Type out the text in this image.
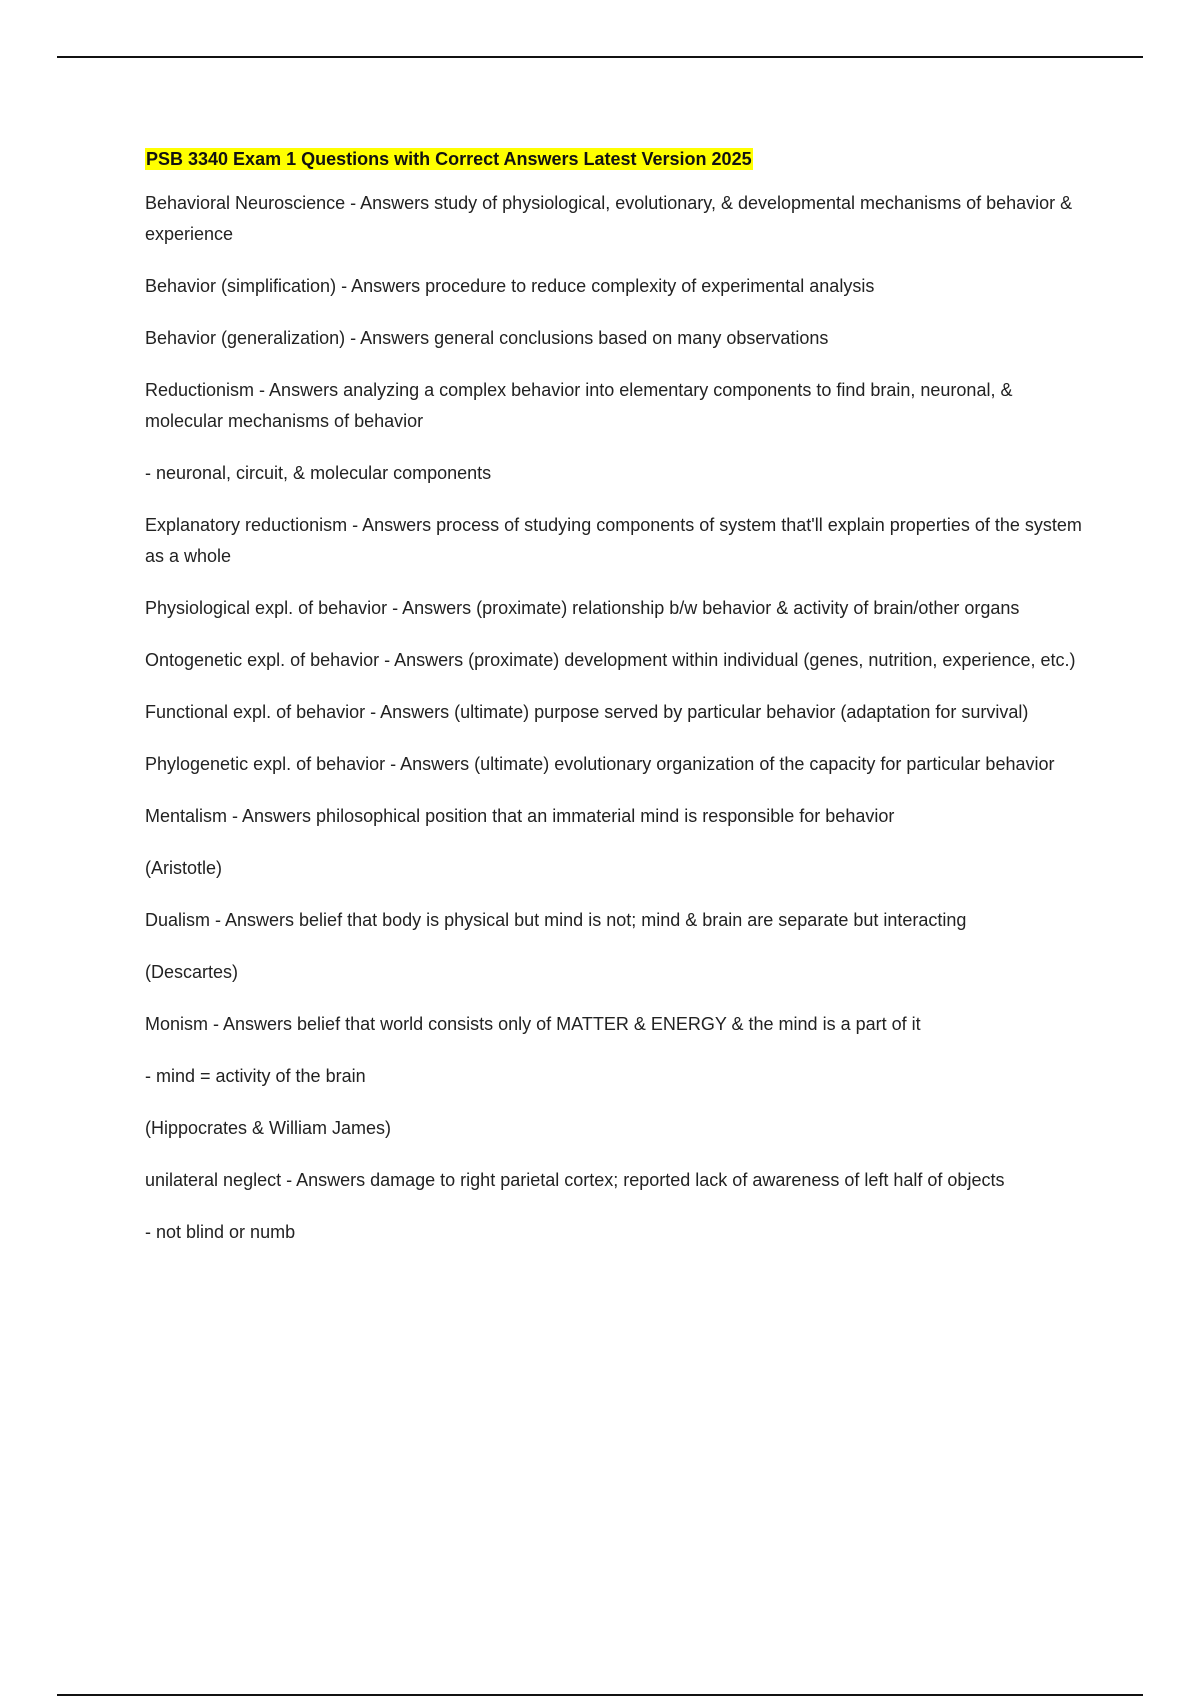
PSB 3340 Exam 1 Questions with Correct Answers Latest Version 2025

Behavioral Neuroscience - Answers study of physiological, evolutionary, & developmental mechanisms of behavior & experience

Behavior (simplification) - Answers procedure to reduce complexity of experimental analysis

Behavior (generalization) - Answers general conclusions based on many observations

Reductionism - Answers analyzing a complex behavior into elementary components to find brain, neuronal, & molecular mechanisms of behavior

- neuronal, circuit, & molecular components

Explanatory reductionism - Answers process of studying components of system that'll explain properties of the system as a whole

Physiological expl. of behavior - Answers (proximate) relationship b/w behavior & activity of brain/other organs

Ontogenetic expl. of behavior - Answers (proximate) development within individual (genes, nutrition, experience, etc.)

Functional expl. of behavior - Answers (ultimate) purpose served by particular behavior (adaptation for survival)

Phylogenetic expl. of behavior - Answers (ultimate) evolutionary organization of the capacity for particular behavior

Mentalism - Answers philosophical position that an immaterial mind is responsible for behavior

(Aristotle)

Dualism - Answers belief that body is physical but mind is not; mind & brain are separate but interacting

(Descartes)

Monism - Answers belief that world consists only of MATTER & ENERGY & the mind is a part of it

- mind = activity of the brain

(Hippocrates & William James)

unilateral neglect - Answers damage to right parietal cortex; reported lack of awareness of left half of objects

- not blind or numb
